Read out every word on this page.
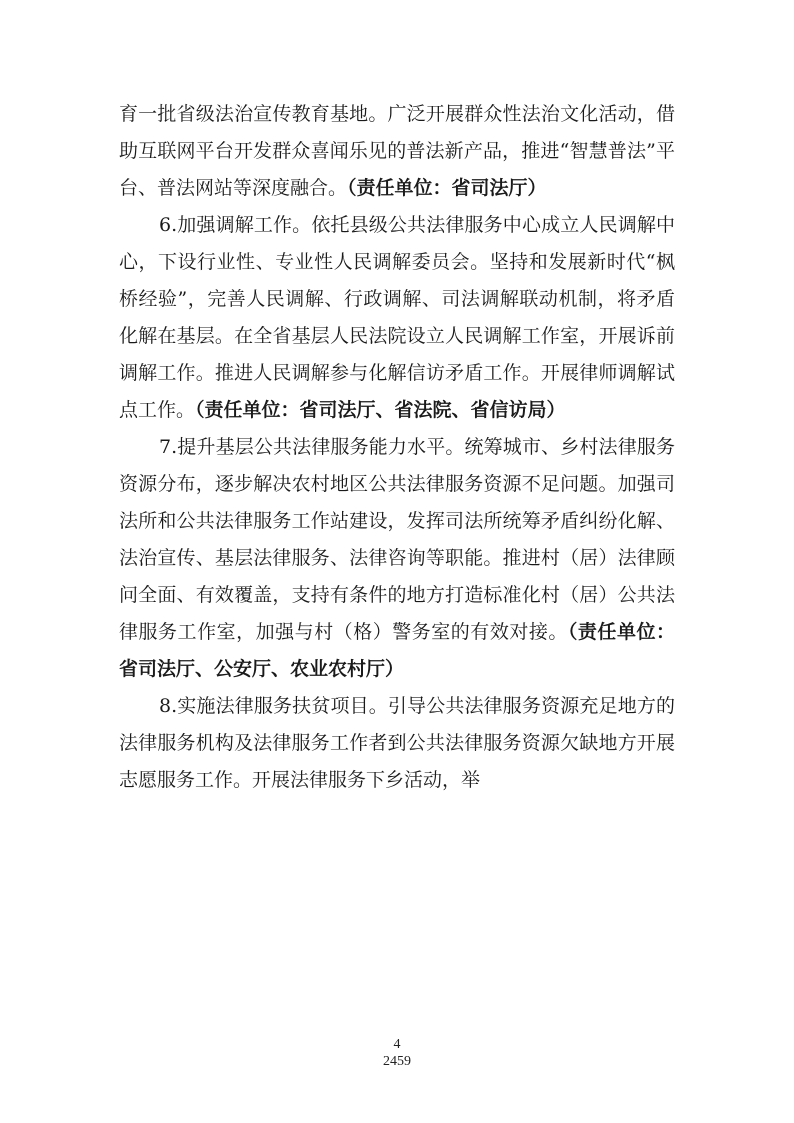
育一批省级法治宣传教育基地。广泛开展群众性法治文化活动，借助互联网平台开发群众喜闻乐见的普法新产品，推进“智慧普法”平台、普法网站等深度融合。（责任单位：省司法厅）

6.加强调解工作。依托县级公共法律服务中心成立人民调解中心，下设行业性、专业性人民调解委员会。坚持和发展新时代“枫桥经验”，完善人民调解、行政调解、司法调解联动机制，将矛盾化解在基层。在全省基层人民法院设立人民调解工作室，开展诉前调解工作。推进人民调解参与化解信访矛盾工作。开展律师调解试点工作。（责任单位：省司法厅、省法院、省信访局）

7.提升基层公共法律服务能力水平。统筹城市、乡村法律服务资源分布，逐步解决农村地区公共法律服务资源不足问题。加强司法所和公共法律服务工作站建设，发挥司法所统筹矛盾纠纷化解、法治宣传、基层法律服务、法律咨询等职能。推进村（居）法律顾问全面、有效覆盖，支持有条件的地方打造标准化村（居）公共法律服务工作室，加强与村（格）警务室的有效对接。（责任单位：省司法厅、公安厅、农业农村厅）

8.实施法律服务扶贫项目。引导公共法律服务资源充足地方的法律服务机构及法律服务工作者到公共法律服务资源欠缺地方开展志愿服务工作。开展法律服务下乡活动，举

4
2459
